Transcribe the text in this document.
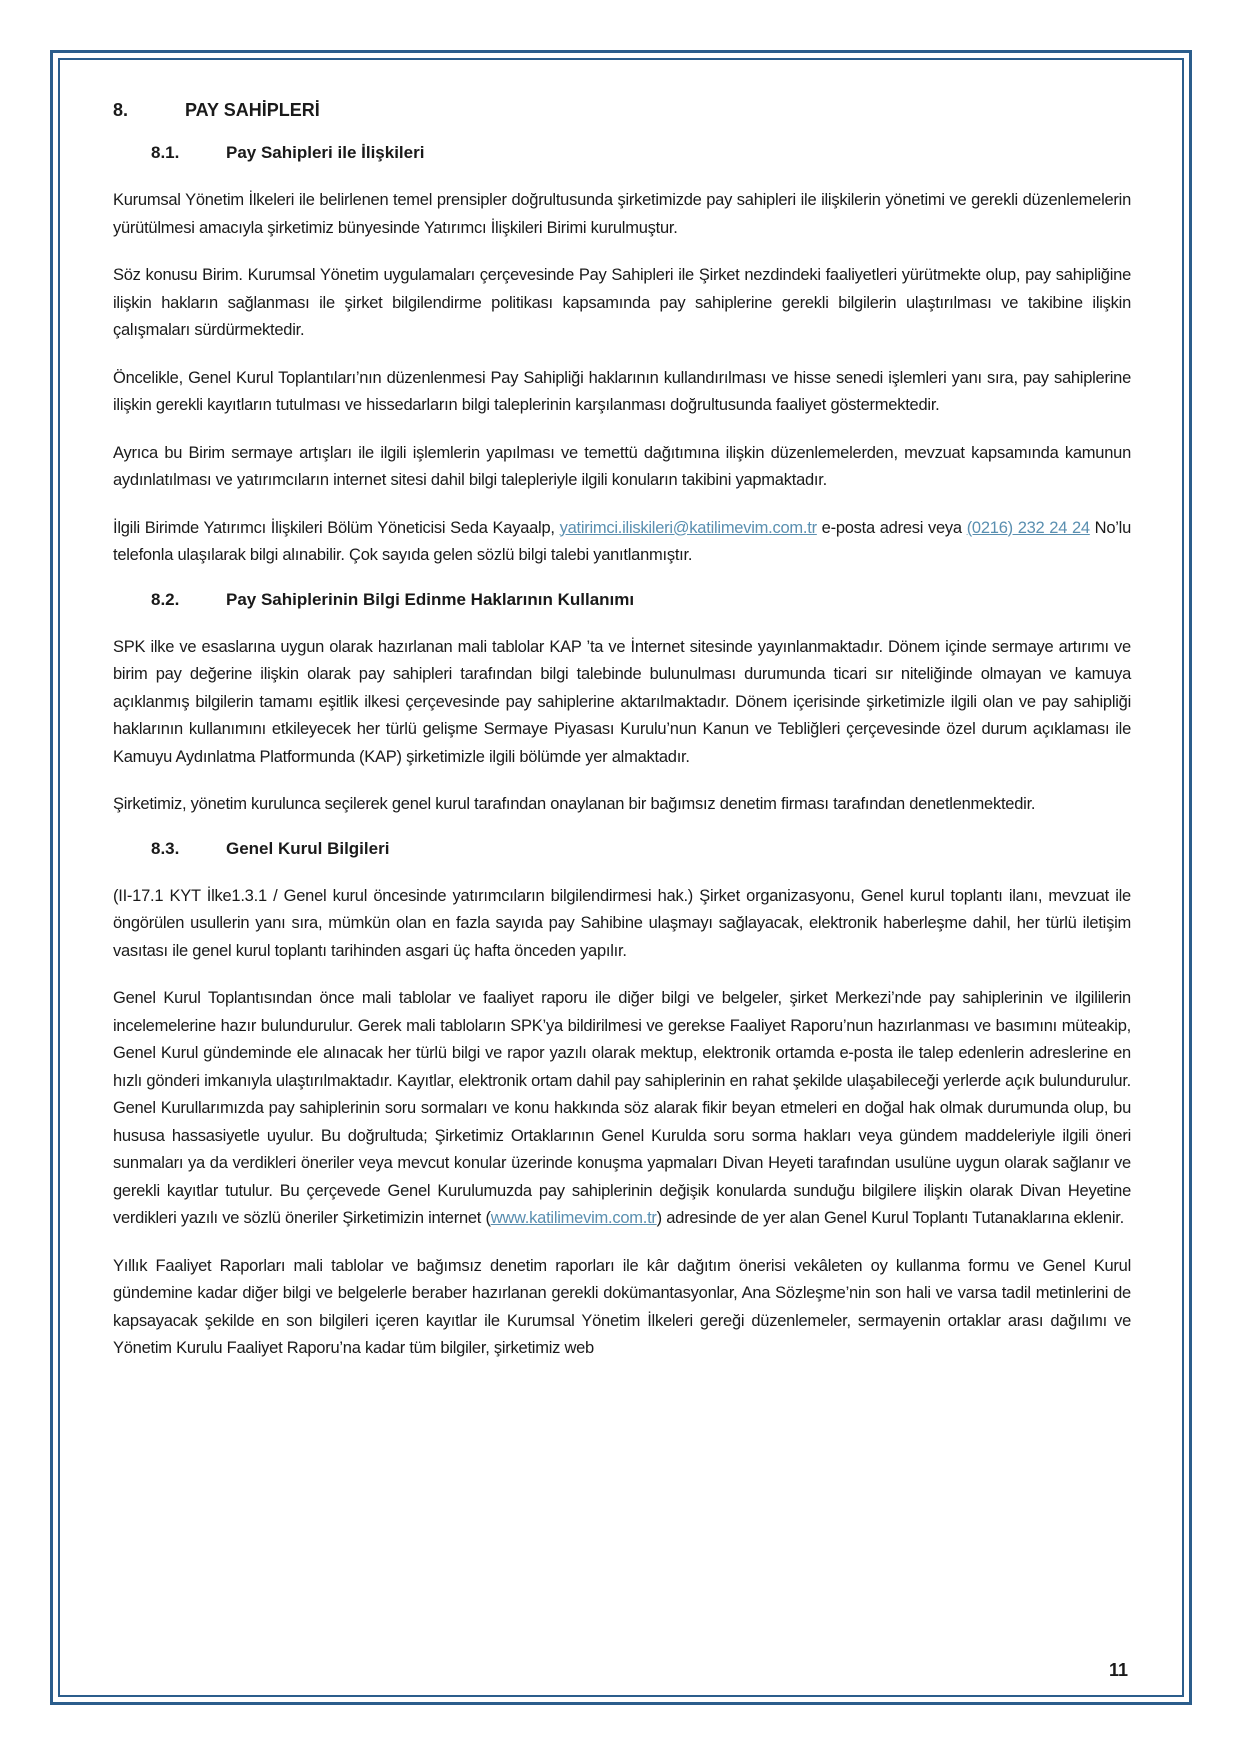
8.	PAY SAHİPLERİ
8.1.	Pay Sahipleri ile İlişkileri

Kurumsal Yönetim İlkeleri ile belirlenen temel prensipler doğrultusunda şirketimizde pay sahipleri ile ilişkilerin yönetimi ve gerekli düzenlemelerin yürütülmesi amacıyla şirketimiz bünyesinde Yatırımcı İlişkileri Birimi kurulmuştur.

Söz konusu Birim. Kurumsal Yönetim uygulamaları çerçevesinde Pay Sahipleri ile Şirket nezdindeki faaliyetleri yürütmekte olup, pay sahipliğine ilişkin hakların sağlanması ile şirket bilgilendirme politikası kapsamında pay sahiplerine gerekli bilgilerin ulaştırılması ve takibine ilişkin çalışmaları sürdürmektedir.

Öncelikle, Genel Kurul Toplantıları’nın düzenlenmesi Pay Sahipliği haklarının kullandırılması ve hisse senedi işlemleri yanı sıra, pay sahiplerine ilişkin gerekli kayıtların tutulması ve hissedarların bilgi taleplerinin karşılanması doğrultusunda faaliyet göstermektedir.

Ayrıca bu Birim sermaye artışları ile ilgili işlemlerin yapılması ve temettü dağıtımına ilişkin düzenlemelerden, mevzuat kapsamında kamunun aydınlatılması ve yatırımcıların internet sitesi dahil bilgi talepleriyle ilgili konuların takibini yapmaktadır.

İlgili Birimde Yatırımcı İlişkileri Bölüm Yöneticisi Seda Kayaalp, yatirimci.iliskileri@katilimevim.com.tr e-posta adresi veya (0216) 232 24 24 No’lu telefonla ulaşılarak bilgi alınabilir. Çok sayıda gelen sözlü bilgi talebi yanıtlanmıştır.

8.2.	Pay Sahiplerinin Bilgi Edinme Haklarının Kullanımı

SPK ilke ve esaslarına uygun olarak hazırlanan mali tablolar KAP ’ta ve İnternet sitesinde yayınlanmaktadır. Dönem içinde sermaye artırımı ve birim pay değerine ilişkin olarak pay sahipleri tarafından bilgi talebinde bulunulması durumunda ticari sır niteliğinde olmayan ve kamuya açıklanmış bilgilerin tamamı eşitlik ilkesi çerçevesinde pay sahiplerine aktarılmaktadır. Dönem içerisinde şirketimizle ilgili olan ve pay sahipliği haklarının kullanımını etkileyecek her türlü gelişme Sermaye Piyasası Kurulu’nun Kanun ve Tebliğleri çerçevesinde özel durum açıklaması ile Kamuyu Aydınlatma Platformunda (KAP) şirketimizle ilgili bölümde yer almaktadır.

Şirketimiz, yönetim kurulunca seçilerek genel kurul tarafından onaylanan bir bağımsız denetim firması tarafından denetlenmektedir.

8.3.	Genel Kurul Bilgileri

(II-17.1 KYT İlke1.3.1 / Genel kurul öncesinde yatırımcıların bilgilendirmesi hak.) Şirket organizasyonu, Genel kurul toplantı ilanı, mevzuat ile öngörülen usullerin yanı sıra, mümkün olan en fazla sayıda pay Sahibine ulaşmayı sağlayacak, elektronik haberleşme dahil, her türlü iletişim vasıtası ile genel kurul toplantı tarihinden asgari üç hafta önceden yapılır.

Genel Kurul Toplantısından önce mali tablolar ve faaliyet raporu ile diğer bilgi ve belgeler, şirket Merkezi’nde pay sahiplerinin ve ilgililerin incelemelerine hazır bulundurulur. Gerek mali tabloların SPK’ya bildirilmesi ve gerekse Faaliyet Raporu’nun hazırlanması ve basımını müteakip, Genel Kurul gündeminde ele alınacak her türlü bilgi ve rapor yazılı olarak mektup, elektronik ortamda e-posta ile talep edenlerin adreslerine en hızlı gönderi imkanıyla ulaştırılmaktadır. Kayıtlar, elektronik ortam dahil pay sahiplerinin en rahat şekilde ulaşabileceği yerlerde açık bulundurulur. Genel Kurullarımızda pay sahiplerinin soru sormaları ve konu hakkında söz alarak fikir beyan etmeleri en doğal hak olmak durumunda olup, bu hususa hassasiyetle uyulur. Bu doğrultuda; Şirketimiz Ortaklarının Genel Kurulda soru sorma hakları veya gündem maddeleriyle ilgili öneri sunmaları ya da verdikleri öneriler veya mevcut konular üzerinde konuşma yapmaları Divan Heyeti tarafından usulüne uygun olarak sağlanır ve gerekli kayıtlar tutulur. Bu çerçevede Genel Kurulumuzda pay sahiplerinin değişik konularda sunduğu bilgilere ilişkin olarak Divan Heyetine verdikleri yazılı ve sözlü öneriler Şirketimizin internet (www.katilimevim.com.tr) adresinde de yer alan Genel Kurul Toplantı Tutanaklarına eklenir.

Yıllık Faaliyet Raporları mali tablolar ve bağımsız denetim raporları ile kâr dağıtım önerisi vekâleten oy kullanma formu ve Genel Kurul gündemine kadar diğer bilgi ve belgelerle beraber hazırlanan gerekli dokümantasyonlar, Ana Sözleşme’nin son hali ve varsa tadil metinlerini de kapsayacak şekilde en son bilgileri içeren kayıtlar ile Kurumsal Yönetim İlkeleri gereği düzenlemeler, sermayenin ortaklar arası dağılımı ve Yönetim Kurulu Faaliyet Raporu’na kadar tüm bilgiler, şirketimiz web

11
